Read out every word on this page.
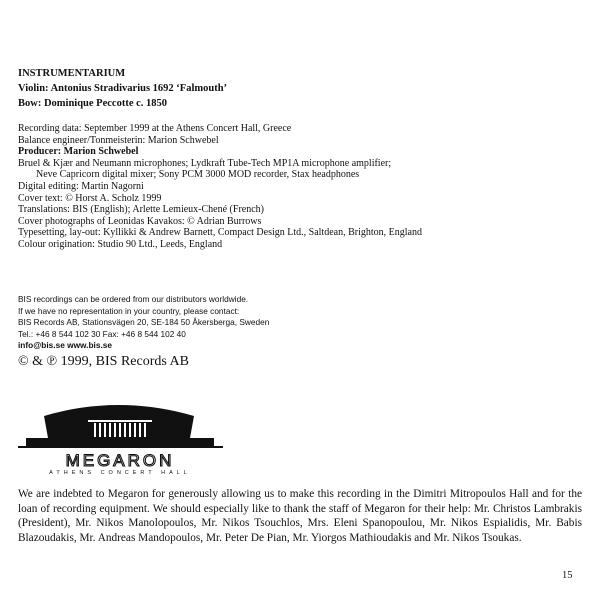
INSTRUMENTARIUM
Violin: Antonius Stradivarius 1692 ‘Falmouth’
Bow: Dominique Peccotte c. 1850
Recording data: September 1999 at the Athens Concert Hall, Greece
Balance engineer/Tonmeisterin: Marion Schwebel
Producer: Marion Schwebel
Bruel & Kjær and Neumann microphones; Lydkraft Tube-Tech MP1A microphone amplifier;
Neve Capricorn digital mixer; Sony PCM 3000 MOD recorder, Stax headphones
Digital editing: Martin Nagorni
Cover text: © Horst A. Scholz 1999
Translations: BIS (English); Arlette Lemieux-Chené (French)
Cover photographs of Leonidas Kavakos: © Adrian Burrows
Typesetting, lay-out: Kyllikki & Andrew Barnett, Compact Design Ltd., Saltdean, Brighton, England
Colour origination: Studio 90 Ltd., Leeds, England
BIS recordings can be ordered from our distributors worldwide.
If we have no representation in your country, please contact:
BIS Records AB, Stationsvägen 20, SE-184 50 Åkersberga, Sweden
Tel.: +46 8 544 102 30 Fax: +46 8 544 102 40
info@bis.se www.bis.se
© & ℗ 1999, BIS Records AB
MEGARON
ATHENS CONCERT HALL
We are indebted to Megaron for generously allowing us to make this recording in the Dimitri Mitropoulos Hall and for the loan of recording equipment. We should especially like to thank the staff of Megaron for their help: Mr. Christos Lambrakis (President), Mr. Nikos Manolopoulos, Mr. Nikos Tsouchlos, Mrs. Eleni Spanopoulou, Mr. Nikos Espialidis, Mr. Babis Blazoudakis, Mr. Andreas Mandopoulos, Mr. Peter De Pian, Mr. Yiorgos Mathioudakis and Mr. Nikos Tsoukas.
15
